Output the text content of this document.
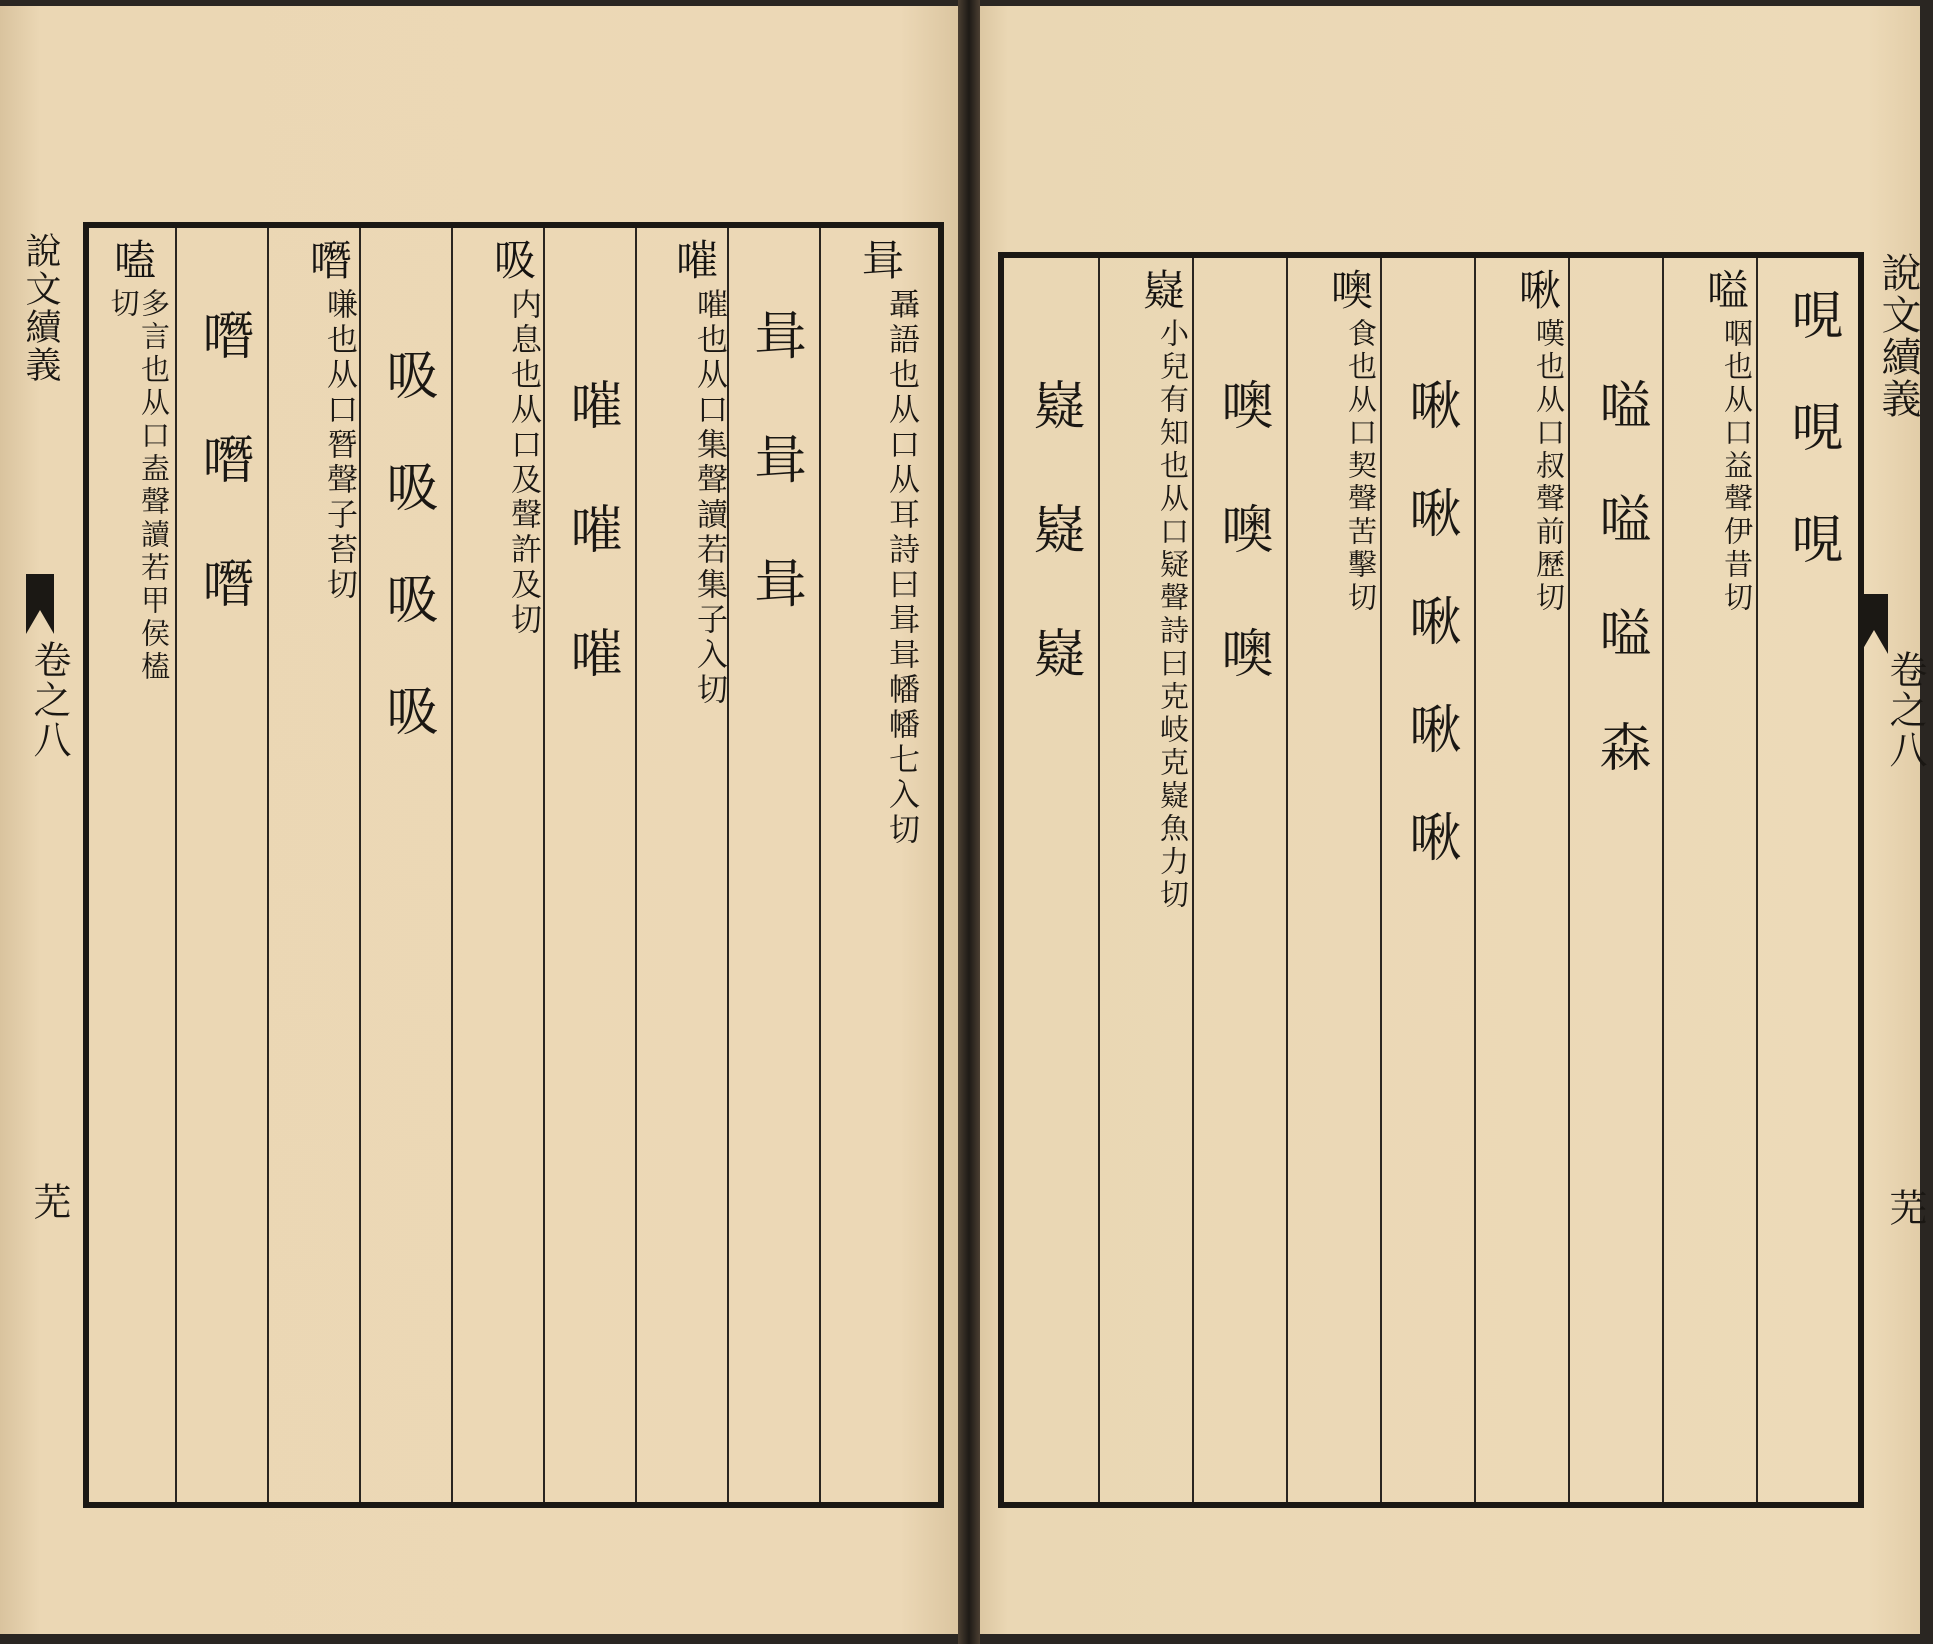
說文續義
卷之八
芜
咠
聶語也从口从耳詩曰咠咠幡幡七入切
咠咠咠
嗺
嗺也从口集聲讀若集子入切
嗺嗺嗺
吸
内息也从口及聲許及切
吸吸吸吸
噆
嗛也从口朁聲子苔切
噆噆噆
嗑
多言也从口盍聲讀若甲侯榼切	說文續義
卷之八
芜
哯哯哯
嗌
咽也从口益聲伊昔切
嗌嗌嗌森
啾
嘆也从口叔聲前歷切
啾啾啾啾啾
噢
食也从口契聲苦擊切
噢噢噢
嶷
小兒有知也从口疑聲詩曰克岐克嶷魚力切
嶷嶷嶷
